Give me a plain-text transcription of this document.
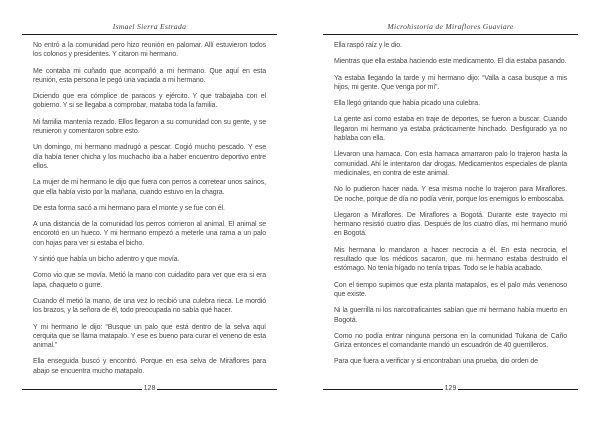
Ismael Sierra Estrada

No entró a la comunidad pero hizo reunión en palomar. Allí estuvieron todos los colonos y presidentes. Y citaron mi hermano.

Me contaba mi cuñado que acompañó a mi hermano. Que aquí en esta reunión, esta persona le pegó una vaciada a mi hermano.

Diciendo que era cómplice de paracos y ejército. Y que trabajaba con el gobierno. Y si se llegaba a comprobar, mataba toda la familia.

Mi familia mantenía rezado. Ellos llegaron a su comunidad con su gente, y se reunieron y comentaron sobre esto.

Un domingo, mi hermano madrugó a pescar. Cogió mucho pescado. Y ese día había tener chicha y los muchacho iba a haber encuentro deportivo entre ellos.

La mujer de mi hermano le dijo que fuera con perros a corretear unos saínos, que ella había visto por la mañana, cuando estuvo en la chagra.

De esta forma sacó a mi hermano para el monte y se fue con él.

A una distancia de la comunidad los perros corrieron al animal. El animal se encorotó en un hueco. Y mi hermano empezó a meterle una rama a un palo con hojas para ver si estaba el bicho.

Y sintió que había un bicho adentro y que movía.

Como vio que se movía. Metió la mano con cuidadito para ver que era si era lapa, chaqueto o gurre.

Cuando él metió la mano, de una vez lo recibió una culebra rieca. Le mordió los brazos, y la señora de él, todo preocupada no sabía qué hacer.

Y mi hermano le dijo: “Busque un palo que está dentro de la selva aquí cerquita que se llama matapalo. Y ese es bueno para curar el veneno de esta animal.”

Ella enseguida buscó y encontró. Porque en esa selva de Miraflores para abajo se encuentra mucho matapalo.

128
Microhistoria de Miraflores Guaviare

Ella raspó raíz y le dio.

Mientras que ella estaba haciendo este medicamento. El día estaba pasando.

Ya estaba llegando la tarde y mi hermano dijo: “Valla a casa busque a mis hijos, mi gente. Que venga por mí”.

Ella llegó gritando que había picado una culebra.

La gente así como estaba en traje de deportes, se fueron a buscar. Cuando llegaron mi hermano ya estaba prácticamente hinchado. Desfigurado ya no hablaba con ella.

Llevaron una hamaca. Con esta hamaca amarraron palo lo trajeron hasta la comunidad. Ahí le intentaron dar drogas. Medicamentos especiales de planta medicinales, en contra de este animal.

No lo pudieron hacer nada. Y esa misma noche lo trajeron para Miraflores. De noche, porque de día no podía venir, porque los enemigos lo emboscaba.

Llegaron a Miraflores. De Miraflores a Bogotá. Durante este trayecto mi hermano resistió cuatro días. Después de los cuatro días, mi hermano murió en Bogotá.

Mis hermana lo mandaron a hacer necrocia a él. En esta necrocia, el resultado que los médicos sacaron, que mi hermano estaba destruido el estómago. No tenía hígado no tenía tripas. Todo se le había acabado.

Con el tiempo supimos que esta planta matapalos, es el palo más venenoso que existe.

Ni la guerrilla ni los narcotraficantes sabían que mi hermano había muerto en Bogotá.

Como no podía entrar ninguna persona en la comunidad Tukana de Caño Giriza entonces el comandante mandó un escuadrón de 40 guerrilleros.

Para que fuera a verificar y si encontraban una prueba, dio orden de

129
